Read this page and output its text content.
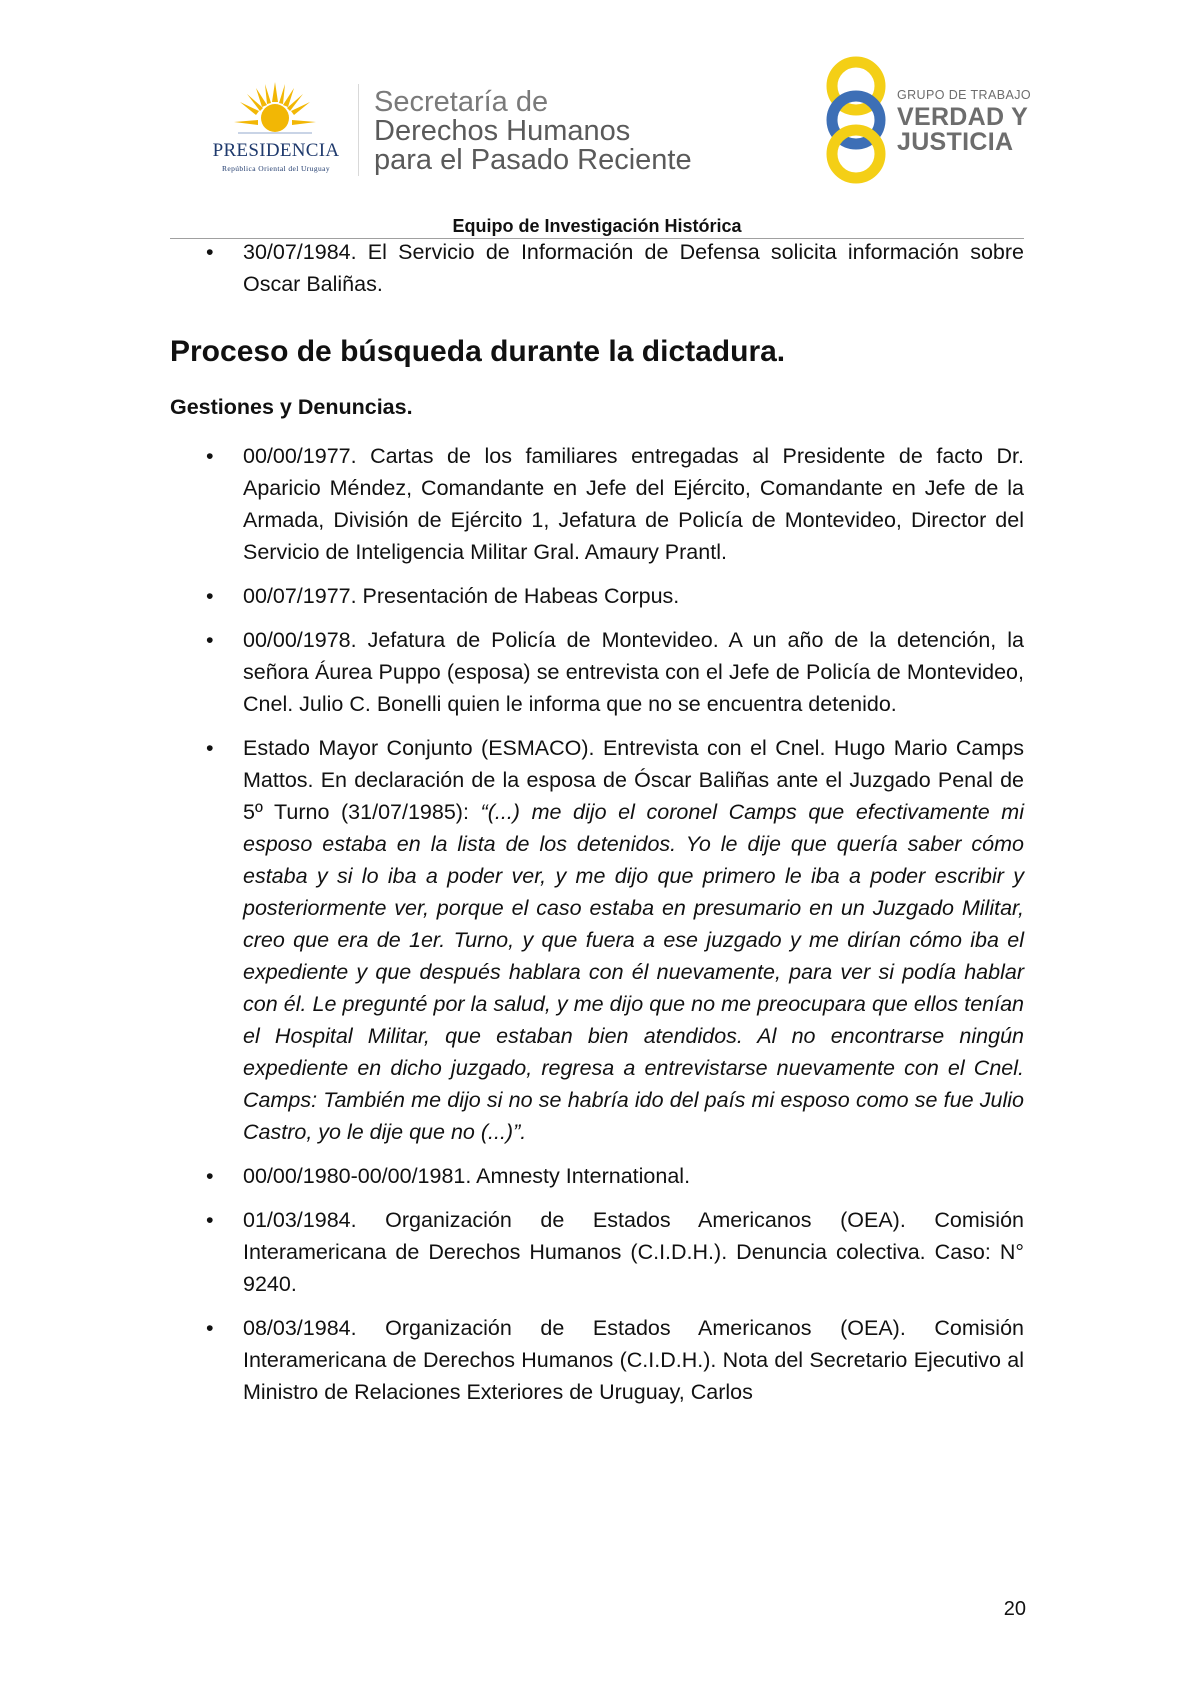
PRESIDENCIA
República Oriental del Uruguay
Secretaría de
Derechos Humanos
para el Pasado Reciente
GRUPO DE TRABAJO
VERDAD Y
JUSTICIA
Equipo de Investigación Histórica
•	30/07/1984. El Servicio de Información de Defensa solicita información sobre Oscar Baliñas.
Proceso de búsqueda durante la dictadura.
Gestiones y Denuncias.
•	00/00/1977. Cartas de los familiares entregadas al Presidente de facto Dr. Aparicio Méndez, Comandante en Jefe del Ejército, Comandante en Jefe de la Armada, División de Ejército 1, Jefatura de Policía de Montevideo, Director del Servicio de Inteligencia Militar Gral. Amaury Prantl.
•	00/07/1977. Presentación de Habeas Corpus.
•	00/00/1978. Jefatura de Policía de Montevideo. A un año de la detención, la señora Áurea Puppo (esposa) se entrevista con el Jefe de Policía de Montevideo, Cnel. Julio C. Bonelli quien le informa que no se encuentra detenido.
•	Estado Mayor Conjunto (ESMACO). Entrevista con el Cnel. Hugo Mario Camps Mattos. En declaración de la esposa de Óscar Baliñas ante el Juzgado Penal de 5º Turno (31/07/1985): “(...) me dijo el coronel Camps que efectivamente mi esposo estaba en la lista de los detenidos. Yo le dije que quería saber cómo estaba y si lo iba a poder ver, y me dijo que primero le iba a poder escribir y posteriormente ver, porque el caso estaba en presumario en un Juzgado Militar, creo que era de 1er. Turno, y que fuera a ese juzgado y me dirían cómo iba el expediente y que después hablara con él nuevamente, para ver si podía hablar con él. Le pregunté por la salud, y me dijo que no me preocupara que ellos tenían el Hospital Militar, que estaban bien atendidos. Al no encontrarse ningún expediente en dicho juzgado, regresa a entrevistarse nuevamente con el Cnel. Camps: También me dijo si no se habría ido del país mi esposo como se fue Julio Castro, yo le dije que no (...)”.
•	00/00/1980-00/00/1981. Amnesty International.
•	01/03/1984. Organización de Estados Americanos (OEA). Comisión Interamericana de Derechos Humanos (C.I.D.H.). Denuncia colectiva. Caso: N° 9240.
•	08/03/1984. Organización de Estados Americanos (OEA). Comisión Interamericana de Derechos Humanos (C.I.D.H.). Nota del Secretario Ejecutivo al Ministro de Relaciones Exteriores de Uruguay, Carlos
20
